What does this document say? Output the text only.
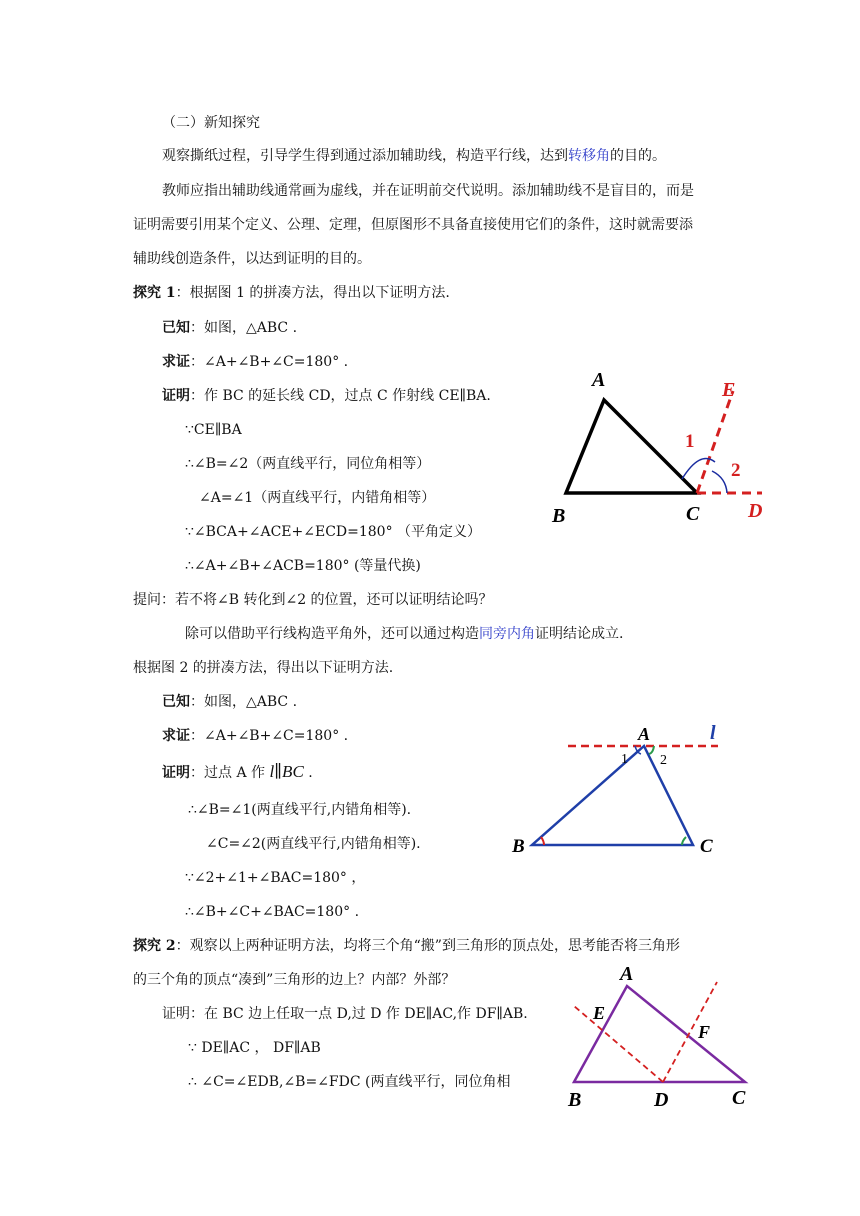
（二）新知探究
观察撕纸过程，引导学生得到通过添加辅助线，构造平行线，达到转移角的目的。
教师应指出辅助线通常画为虚线，并在证明前交代说明。添加辅助线不是盲目的，而是
证明需要引用某个定义、公理、定理，但原图形不具备直接使用它们的条件，这时就需要添
辅助线创造条件，以达到证明的目的。
探究 1：根据图 1 的拼凑方法，得出以下证明方法.
已知：如图，△ABC .
求证：∠A+∠B+∠C=180° .
证明：作 BC 的延长线 CD，过点 C 作射线 CE∥BA.
∵CE∥BA
∴∠B=∠2（两直线平行，同位角相等）
∠A=∠1（两直线平行，内错角相等）
∵∠BCA+∠ACE+∠ECD=180° （平角定义）
∴∠A+∠B+∠ACB=180° (等量代换)
提问：若不将∠B 转化到∠2 的位置，还可以证明结论吗？
除可以借助平行线构造平角外，还可以通过构造同旁内角证明结论成立.
根据图 2 的拼凑方法，得出以下证明方法.
已知：如图，△ABC .
求证：∠A+∠B+∠C=180° .
证明：过点 A 作 l∥BC .
∴∠B=∠1(两直线平行,内错角相等).
∠C=∠2(两直线平行,内错角相等).
∵∠2+∠1+∠BAC=180° ，
∴∠B+∠C+∠BAC=180° .
探究 2：观察以上两种证明方法，均将三个角“搬”到三角形的顶点处，思考能否将三角形
的三个角的顶点“凑到”三角形的边上？内部？外部？
证明：在 BC 边上任取一点 D,过 D 作 DE∥AC,作 DF∥AB.
∵ DE∥AC ， DF∥AB
∴ ∠C=∠EDB,∠B=∠FDC (两直线平行，同位角相
A
B	C D
E
1
2
A	l
1 2
B	C
A
E
F
B	D	C
